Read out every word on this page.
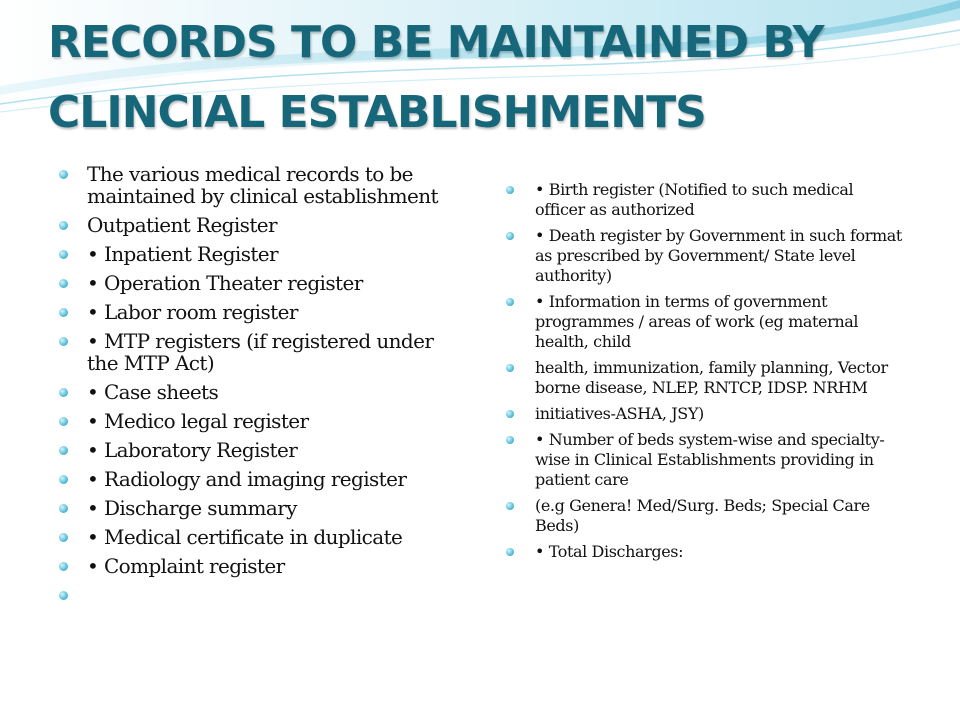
RECORDS TO BE MAINTAINED BY
CLINCIAL ESTABLISHMENTS
The various medical records to be maintained by clinical establishment
Outpatient Register
• Inpatient Register
• Operation Theater register
• Labor room register
• MTP registers (if registered under the MTP Act)
• Case sheets
• Medico legal register
• Laboratory Register
• Radiology and imaging register
• Discharge summary
• Medical certificate in duplicate
• Complaint register
• Birth register (Notified to such medical officer as authorized
• Death register by Government in such format as prescribed by Government/ State level authority)
• Information in terms of government programmes / areas of work (eg maternal health, child
health, immunization, family planning, Vector borne disease, NLEP, RNTCP, IDSP. NRHM
initiatives-ASHA, JSY)
• Number of beds system-wise and specialty-wise in Clinical Establishments providing in patient care
(e.g Genera! Med/Surg. Beds; Special Care Beds)
• Total Discharges:
